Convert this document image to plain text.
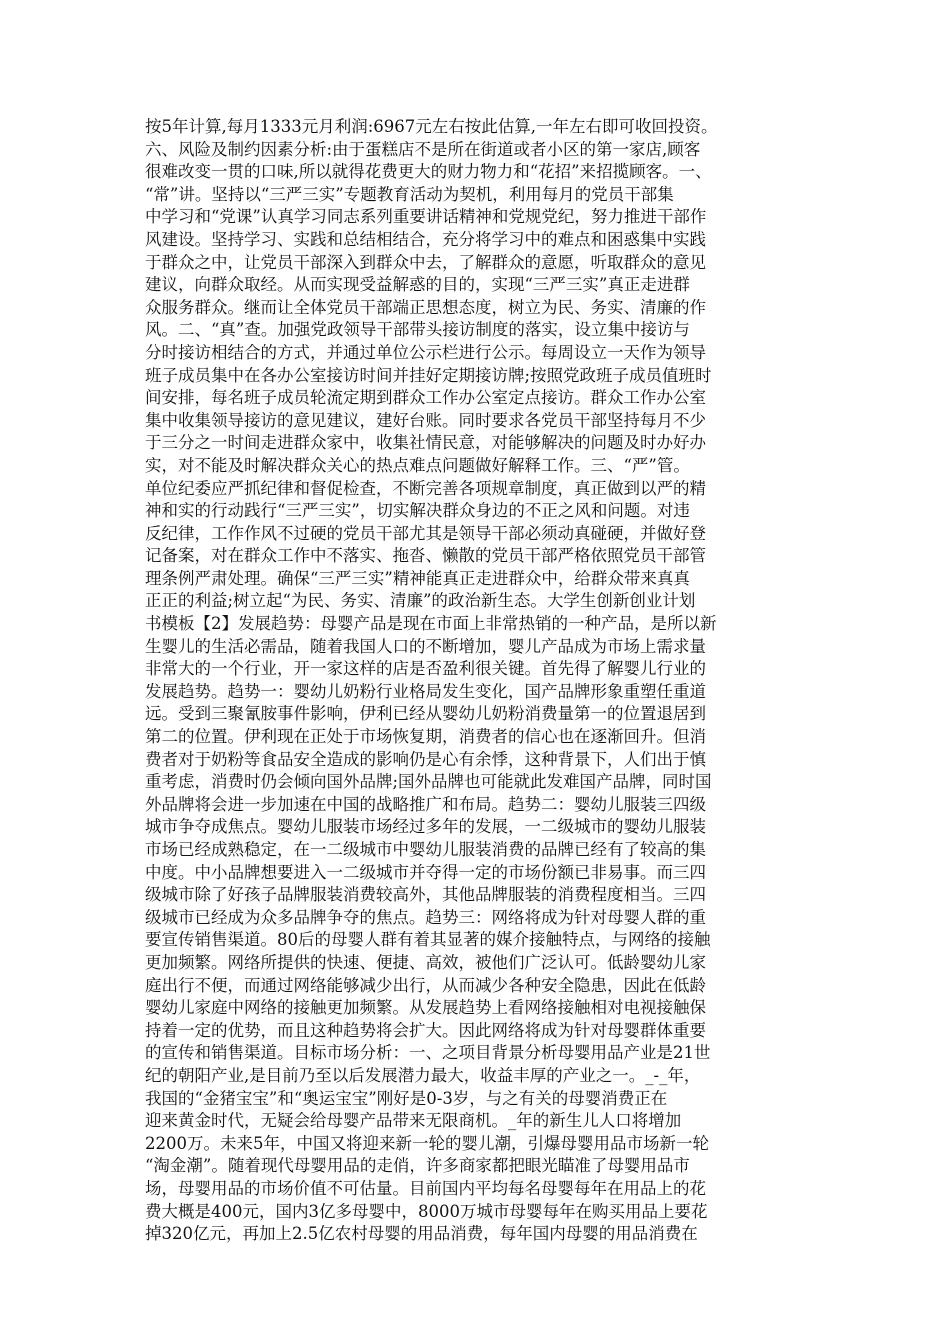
按5年计算,每月1333元月利润:6967元左右按此估算,一年左右即可收回投资。
六、风险及制约因素分析:由于蛋糕店不是所在街道或者小区的第一家店,顾客
很难改变一贯的口味,所以就得花费更大的财力物力和“花招”来招揽顾客。一、
“常”讲。坚持以“三严三实”专题教育活动为契机，利用每月的党员干部集
中学习和“党课”认真学习同志系列重要讲话精神和党规党纪，努力推进干部作
风建设。坚持学习、实践和总结相结合，充分将学习中的难点和困惑集中实践
于群众之中，让党员干部深入到群众中去，了解群众的意愿，听取群众的意见
建议，向群众取经。从而实现受益解惑的目的，实现“三严三实”真正走进群
众服务群众。继而让全体党员干部端正思想态度，树立为民、务实、清廉的作
风。二、“真”查。加强党政领导干部带头接访制度的落实，设立集中接访与
分时接访相结合的方式，并通过单位公示栏进行公示。每周设立一天作为领导
班子成员集中在各办公室接访时间并挂好定期接访牌;按照党政班子成员值班时
间安排，每名班子成员轮流定期到群众工作办公室定点接访。群众工作办公室
集中收集领导接访的意见建议，建好台账。同时要求各党员干部坚持每月不少
于三分之一时间走进群众家中，收集社情民意，对能够解决的问题及时办好办
实，对不能及时解决群众关心的热点难点问题做好解释工作。三、“严”管。
单位纪委应严抓纪律和督促检查，不断完善各项规章制度，真正做到以严的精
神和实的行动践行“三严三实”，切实解决群众身边的不正之风和问题。对违
反纪律，工作作风不过硬的党员干部尤其是领导干部必须动真碰硬，并做好登
记备案，对在群众工作中不落实、拖沓、懒散的党员干部严格依照党员干部管
理条例严肃处理。确保“三严三实”精神能真正走进群众中，给群众带来真真
正正的利益;树立起“为民、务实、清廉”的政治新生态。大学生创新创业计划
书模板【2】发展趋势：母婴产品是现在市面上非常热销的一种产品，是所以新
生婴儿的生活必需品，随着我国人口的不断增加，婴儿产品成为市场上需求量
非常大的一个行业，开一家这样的店是否盈利很关键。首先得了解婴儿行业的
发展趋势。趋势一：婴幼儿奶粉行业格局发生变化，国产品牌形象重塑任重道
远。受到三聚氰胺事件影响，伊利已经从婴幼儿奶粉消费量第一的位置退居到
第二的位置。伊利现在正处于市场恢复期，消费者的信心也在逐渐回升。但消
费者对于奶粉等食品安全造成的影响仍是心有余悸，这种背景下，人们出于慎
重考虑，消费时仍会倾向国外品牌;国外品牌也可能就此发难国产品牌，同时国
外品牌将会进一步加速在中国的战略推广和布局。趋势二：婴幼儿服装三四级
城市争夺成焦点。婴幼儿服装市场经过多年的发展，一二级城市的婴幼儿服装
市场已经成熟稳定，在一二级城市中婴幼儿服装消费的品牌已经有了较高的集
中度。中小品牌想要进入一二级城市并夺得一定的市场份额已非易事。而三四
级城市除了好孩子品牌服装消费较高外，其他品牌服装的消费程度相当。三四
级城市已经成为众多品牌争夺的焦点。趋势三：网络将成为针对母婴人群的重
要宣传销售渠道。80后的母婴人群有着其显著的媒介接触特点，与网络的接触
更加频繁。网络所提供的快速、便捷、高效，被他们广泛认可。低龄婴幼儿家
庭出行不便，而通过网络能够减少出行，从而减少各种安全隐患，因此在低龄
婴幼儿家庭中网络的接触更加频繁。从发展趋势上看网络接触相对电视接触保
持着一定的优势，而且这种趋势将会扩大。因此网络将成为针对母婴群体重要
的宣传和销售渠道。目标市场分析：一、之项目背景分析母婴用品产业是21世
纪的朝阳产业,是目前乃至以后发展潜力最大，收益丰厚的产业之一。_-_年，
我国的“金猪宝宝”和“奥运宝宝”刚好是0-3岁，与之有关的母婴消费正在
迎来黄金时代，无疑会给母婴产品带来无限商机。_年的新生儿人口将增加
2200万。未来5年，中国又将迎来新一轮的婴儿潮，引爆母婴用品市场新一轮
“淘金潮”。随着现代母婴用品的走俏，许多商家都把眼光瞄准了母婴用品市
场，母婴用品的市场价值不可估量。目前国内平均每名母婴每年在用品上的花
费大概是400元，国内3亿多母婴中，8000万城市母婴每年在购买用品上要花
掉320亿元，再加上2.5亿农村母婴的用品消费，每年国内母婴的用品消费在
